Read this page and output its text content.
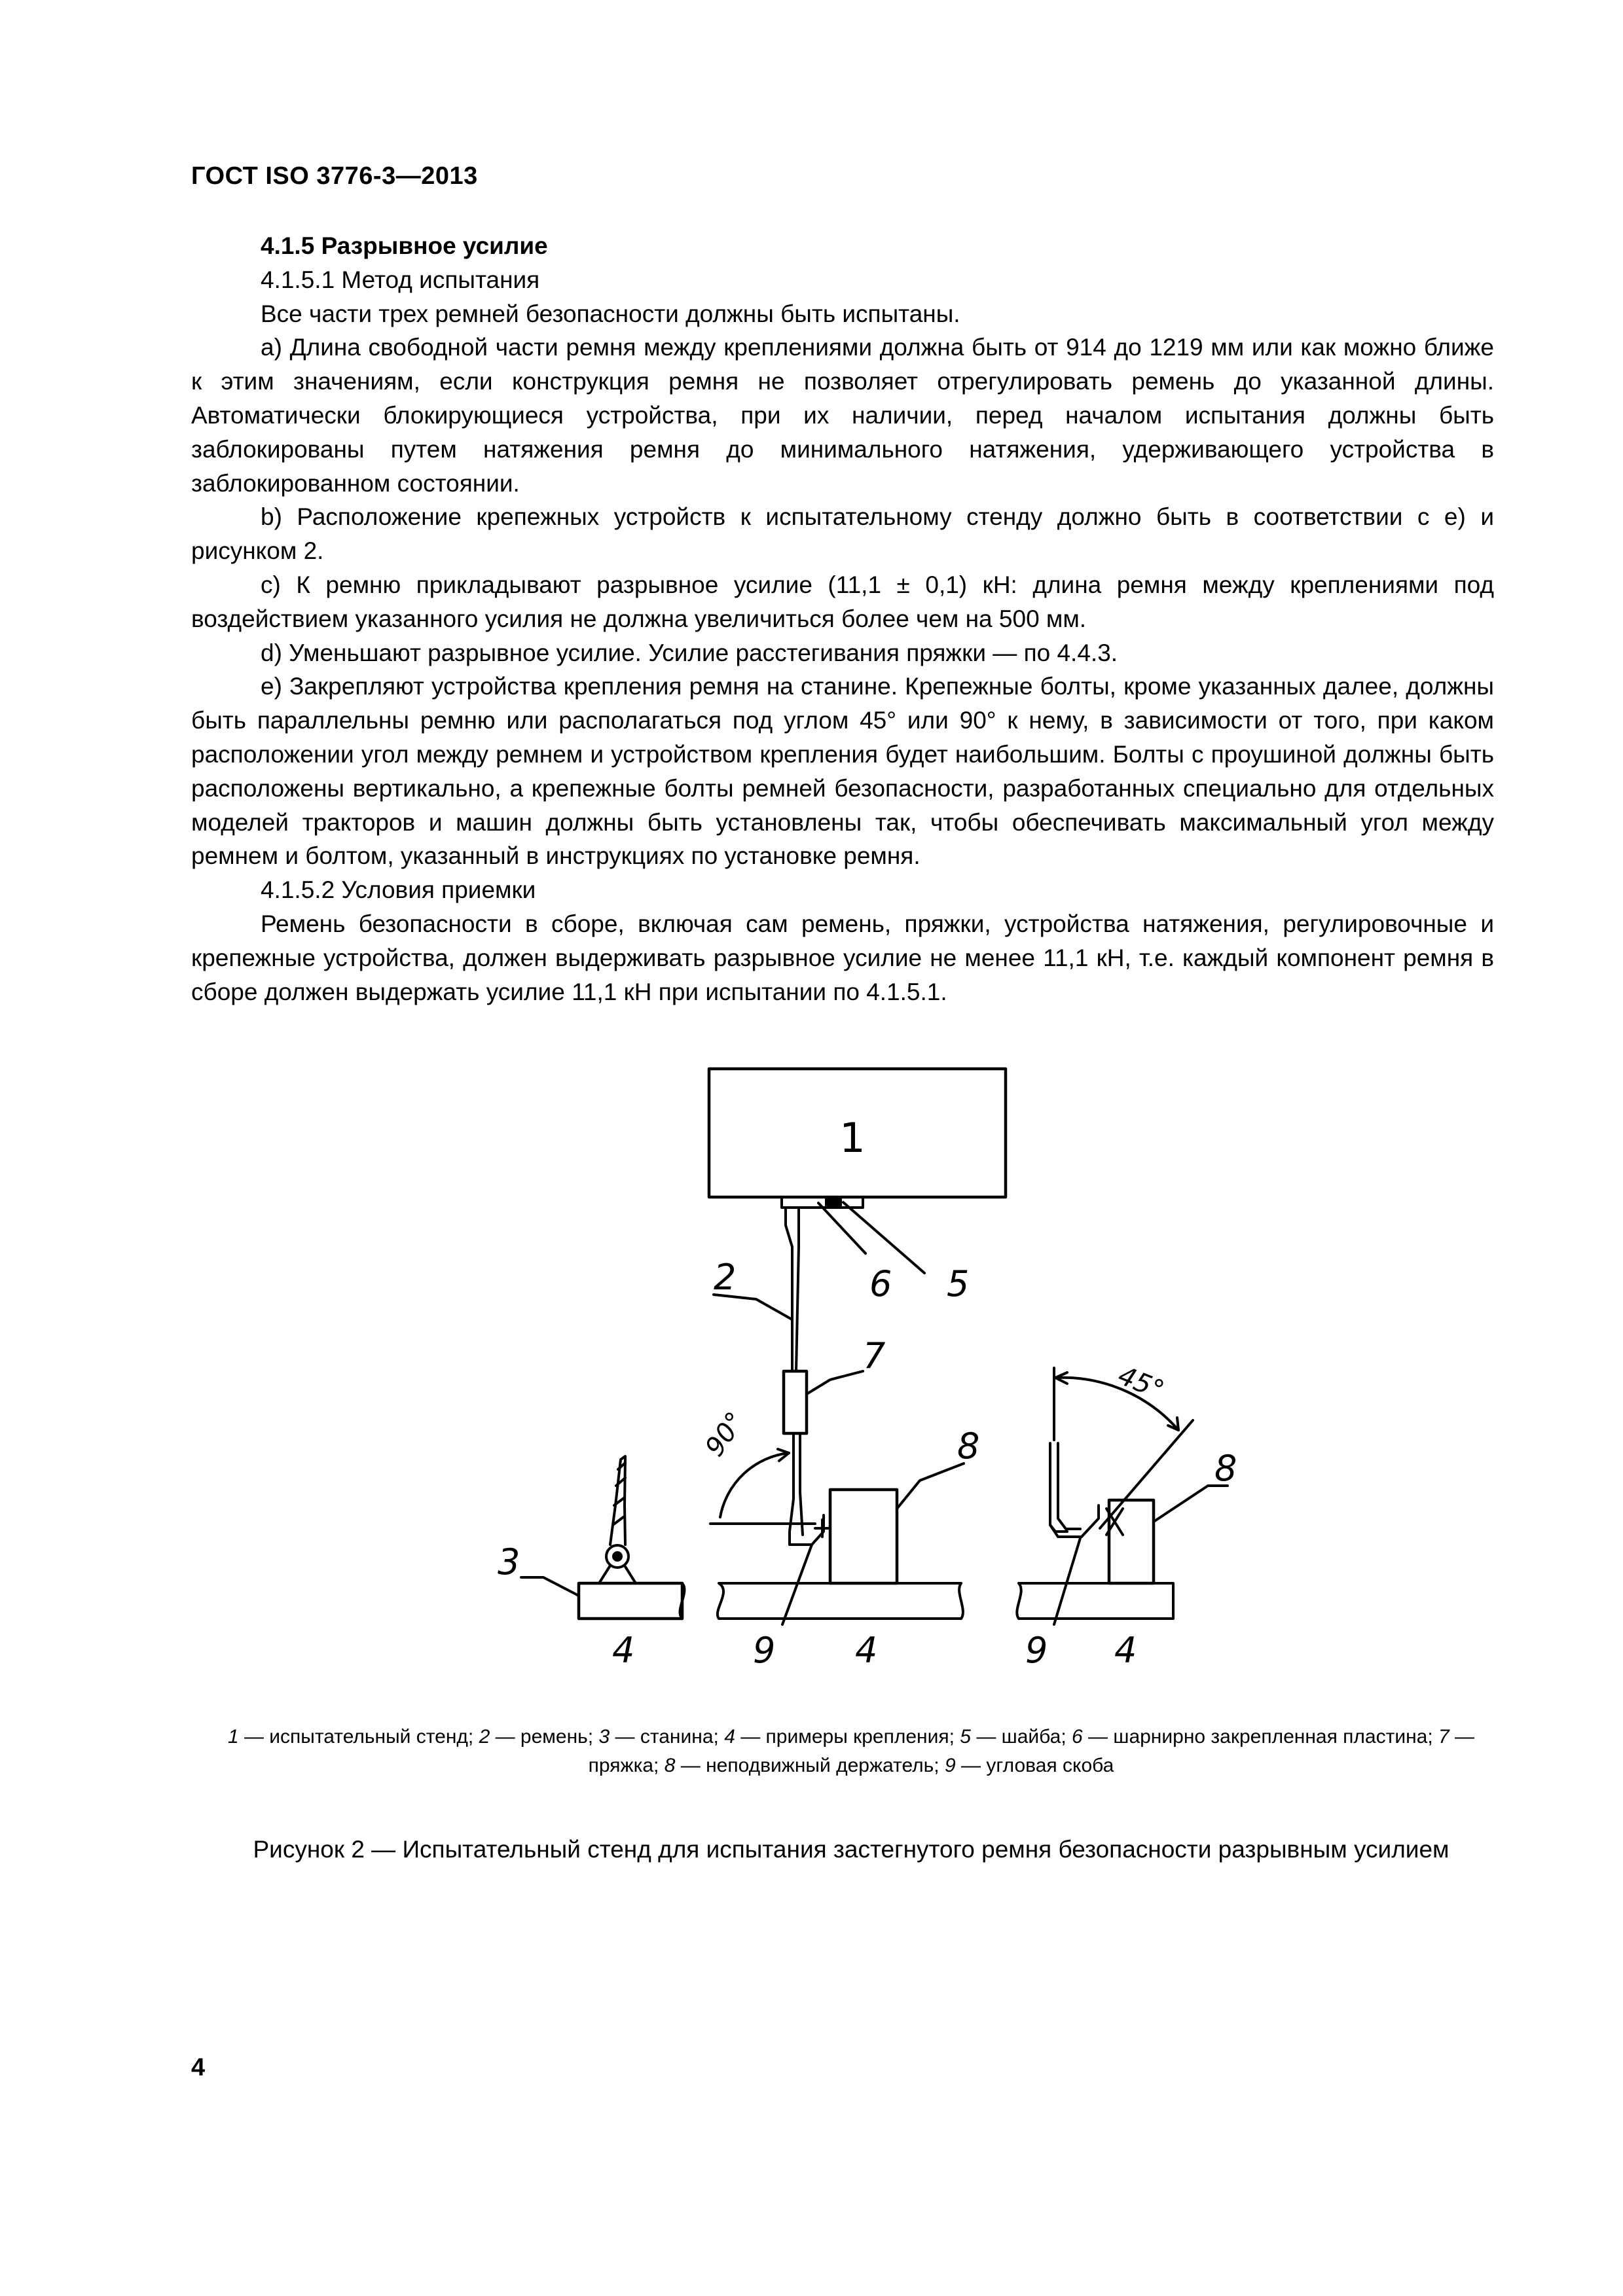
ГОСТ ISO 3776-3—2013

4.1.5 Разрывное усилие

4.1.5.1 Метод испытания

Все части трех ремней безопасности должны быть испытаны.

а) Длина свободной части ремня между креплениями должна быть от 914 до 1219 мм или как можно ближе к этим значениям, если конструкция ремня не позволяет отрегулировать ремень до указанной длины. Автоматически блокирующиеся устройства, при их наличии, перед началом испытания должны быть заблокированы путем натяжения ремня до минимального натяжения, удерживающего устройства в заблокированном состоянии.

b) Расположение крепежных устройств к испытательному стенду должно быть в соответствии с е) и рисунком 2.

с) К ремню прикладывают разрывное усилие (11,1 ± 0,1) кН: длина ремня между креплениями под воздействием указанного усилия не должна увеличиться более чем на 500 мм.

d) Уменьшают разрывное усилие. Усилие расстегивания пряжки — по 4.4.3.

е) Закрепляют устройства крепления ремня на станине. Крепежные болты, кроме указанных далее, должны быть параллельны ремню или располагаться под углом 45° или 90° к нему, в зависимости от того, при каком расположении угол между ремнем и устройством крепления будет наибольшим. Болты с проушиной должны быть расположены вертикально, а крепежные болты ремней безопасности, разработанных специально для отдельных моделей тракторов и машин должны быть установлены так, чтобы обеспечивать максимальный угол между ремнем и болтом, указанный в инструкциях по установке ремня.

4.1.5.2 Условия приемки

Ремень безопасности в сборе, включая сам ремень, пряжки, устройства натяжения, регулировочные и крепежные устройства, должен выдерживать разрывное усилие не менее 11,1 кН, т.е. каждый компонент ремня в сборе должен выдержать усилие 11,1 кН при испытании по 4.1.5.1.

1
90°
45°
2
3
4	4	4
5
6
7
8
8
9	9
1 — испытательный стенд; 2 — ремень; 3 — станина; 4 — примеры крепления; 5 — шайба; 6 — шарнирно закрепленная пластина; 7 — пряжка; 8 — неподвижный держатель; 9 — угловая скоба
Рисунок 2 — Испытательный стенд для испытания застегнутого ремня безопасности разрывным усилием
4
